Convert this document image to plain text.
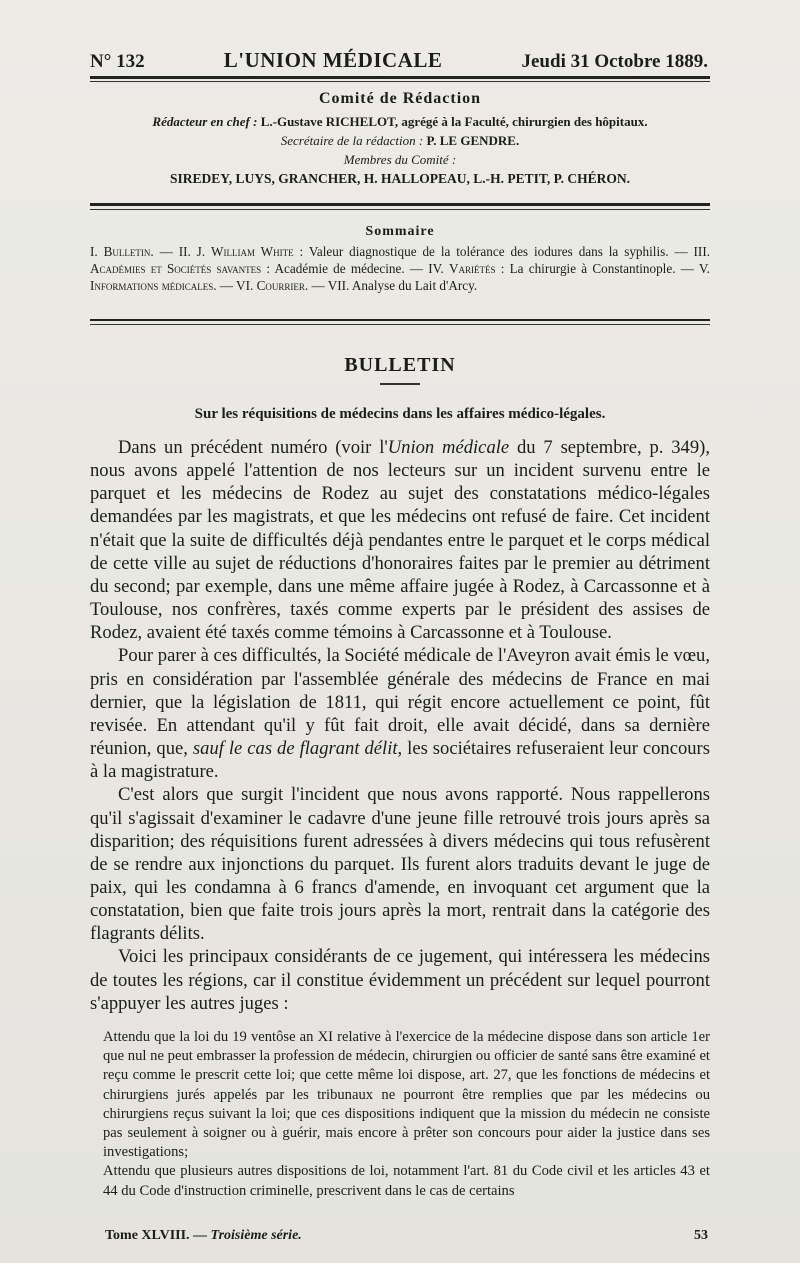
N° 132	L'UNION MÉDICALE	Jeudi 31 Octobre 1889.
Comité de Rédaction
Rédacteur en chef : L.-Gustave RICHELOT, agrégé à la Faculté, chirurgien des hôpitaux.
Secrétaire de la rédaction : P. LE GENDRE.
Membres du Comité :
SIREDEY, LUYS, GRANCHER, H. HALLOPEAU, L.-H. PETIT, P. CHÉRON.
Sommaire
I. Bulletin. — II. J. William White : Valeur diagnostique de la tolérance des iodures dans la syphilis. — III. Académies et Sociétés savantes : Académie de médecine. — IV. Variétés : La chirurgie à Constantinople. — V. Informations médicales. — VI. Courrier. — VII. Analyse du Lait d'Arcy.
BULLETIN
Sur les réquisitions de médecins dans les affaires médico-légales.

Dans un précédent numéro (voir l'Union médicale du 7 septembre, p. 349), nous avons appelé l'attention de nos lecteurs sur un incident survenu entre le parquet et les médecins de Rodez au sujet des constatations médico-légales demandées par les magistrats, et que les médecins ont refusé de faire. Cet incident n'était que la suite de difficultés déjà pendantes entre le parquet et le corps médical de cette ville au sujet de réductions d'honoraires faites par le premier au détriment du second; par exemple, dans une même affaire jugée à Rodez, à Carcassonne et à Toulouse, nos confrères, taxés comme experts par le président des assises de Rodez, avaient été taxés comme témoins à Carcassonne et à Toulouse.

Pour parer à ces difficultés, la Société médicale de l'Aveyron avait émis le vœu, pris en considération par l'assemblée générale des médecins de France en mai dernier, que la législation de 1811, qui régit encore actuellement ce point, fût revisée. En attendant qu'il y fût fait droit, elle avait décidé, dans sa dernière réunion, que, sauf le cas de flagrant délit, les sociétaires refuseraient leur concours à la magistrature.

C'est alors que surgit l'incident que nous avons rapporté. Nous rappellerons qu'il s'agissait d'examiner le cadavre d'une jeune fille retrouvé trois jours après sa disparition; des réquisitions furent adressées à divers médecins qui tous refusèrent de se rendre aux injonctions du parquet. Ils furent alors traduits devant le juge de paix, qui les condamna à 6 francs d'amende, en invoquant cet argument que la constatation, bien que faite trois jours après la mort, rentrait dans la catégorie des flagrants délits.

Voici les principaux considérants de ce jugement, qui intéressera les médecins de toutes les régions, car il constitue évidemment un précédent sur lequel pourront s'appuyer les autres juges :

Attendu que la loi du 19 ventôse an XI relative à l'exercice de la médecine dispose dans son article 1er que nul ne peut embrasser la profession de médecin, chirurgien ou officier de santé sans être examiné et reçu comme le prescrit cette loi; que cette même loi dispose, art. 27, que les fonctions de médecins et chirurgiens jurés appelés par les tribunaux ne pourront être remplies que par les médecins ou chirurgiens reçus suivant la loi; que ces dispositions indiquent que la mission du médecin ne consiste pas seulement à soigner ou à guérir, mais encore à prêter son concours pour aider la justice dans ses investigations;

Attendu que plusieurs autres dispositions de loi, notamment l'art. 81 du Code civil et les articles 43 et 44 du Code d'instruction criminelle, prescrivent dans le cas de certains

Tome XLVIII. — Troisième série.	53
